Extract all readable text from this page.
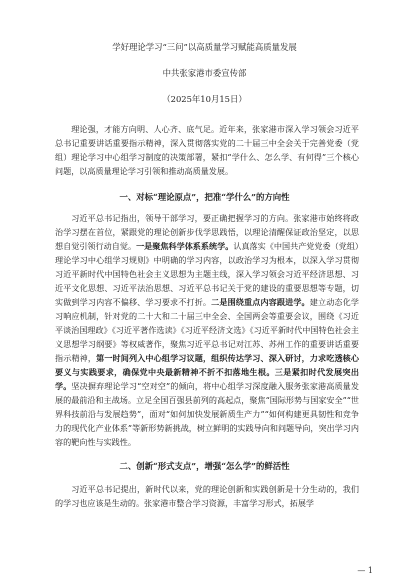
学好理论学习“三问”以高质量学习赋能高质量发展
中共张家港市委宣传部
（2025年10月15日）
理论强，才能方向明、人心齐、底气足。近年来，张家港市深入学习领会习近平总书记重要讲话重要指示精神，深入贯彻落实党的二十届三中全会关于完善党委（党组）理论学习中心组学习制度的决策部署，紧扣“学什么、怎么学、有何得”三个核心问题，以高质量理论学习引领和推动高质量发展。
一、对标“理论原点”，把准“学什么”的方向性
习近平总书记指出，领导干部学习，要正确把握学习的方向。张家港市始终将政治学习摆在首位，紧跟党的理论创新步伐学思践悟，以理论清醒保证政治坚定，以思想自觉引领行动自觉。一是聚焦科学体系系统学。认真落实《中国共产党党委（党组）理论学习中心组学习规则》中明确的学习内容，以政治学习为根本，以深入学习贯彻习近平新时代中国特色社会主义思想为主题主线，深入学习领会习近平经济思想、习近平文化思想、习近平法治思想、习近平总书记关于党的建设的重要思想等专题，切实做到学习内容不偏移、学习要求不打折。二是围绕重点内容跟进学。建立动态化学习响应机制，针对党的二十大和二十届三中全会、全国两会等重要会议，围绕《习近平谈治国理政》《习近平著作选读》《习近平经济文选》《习近平新时代中国特色社会主义思想学习纲要》等权威著作，聚焦习近平总书记对江苏、苏州工作的重要讲话重要指示精神，第一时间列入中心组学习议题，组织传达学习、深入研讨，力求吃透核心要义与实践要求，确保党中央最新精神不折不扣落地生根。三是紧扣时代发展突出学。坚决摒弃理论学习“空对空”的倾向，将中心组学习深度融入服务张家港高质量发展的最前沿和主战场。立足全国百强县前列的高起点，聚焦“国际形势与国家安全”“世界科技前沿与发展趋势”，面对“如何加快发展新质生产力”“如何构建更具韧性和竞争力的现代化产业体系”等新形势新挑战，树立鲜明的实践导向和问题导向，突出学习内容的靶向性与实践性。
二、创新“形式支点”，增强“怎么学”的鲜活性
习近平总书记提出，新时代以来，党的理论创新和实践创新是十分生动的，我们的学习也应该是生动的。张家港市整合学习资源，丰富学习形式，拓展学
— 1
